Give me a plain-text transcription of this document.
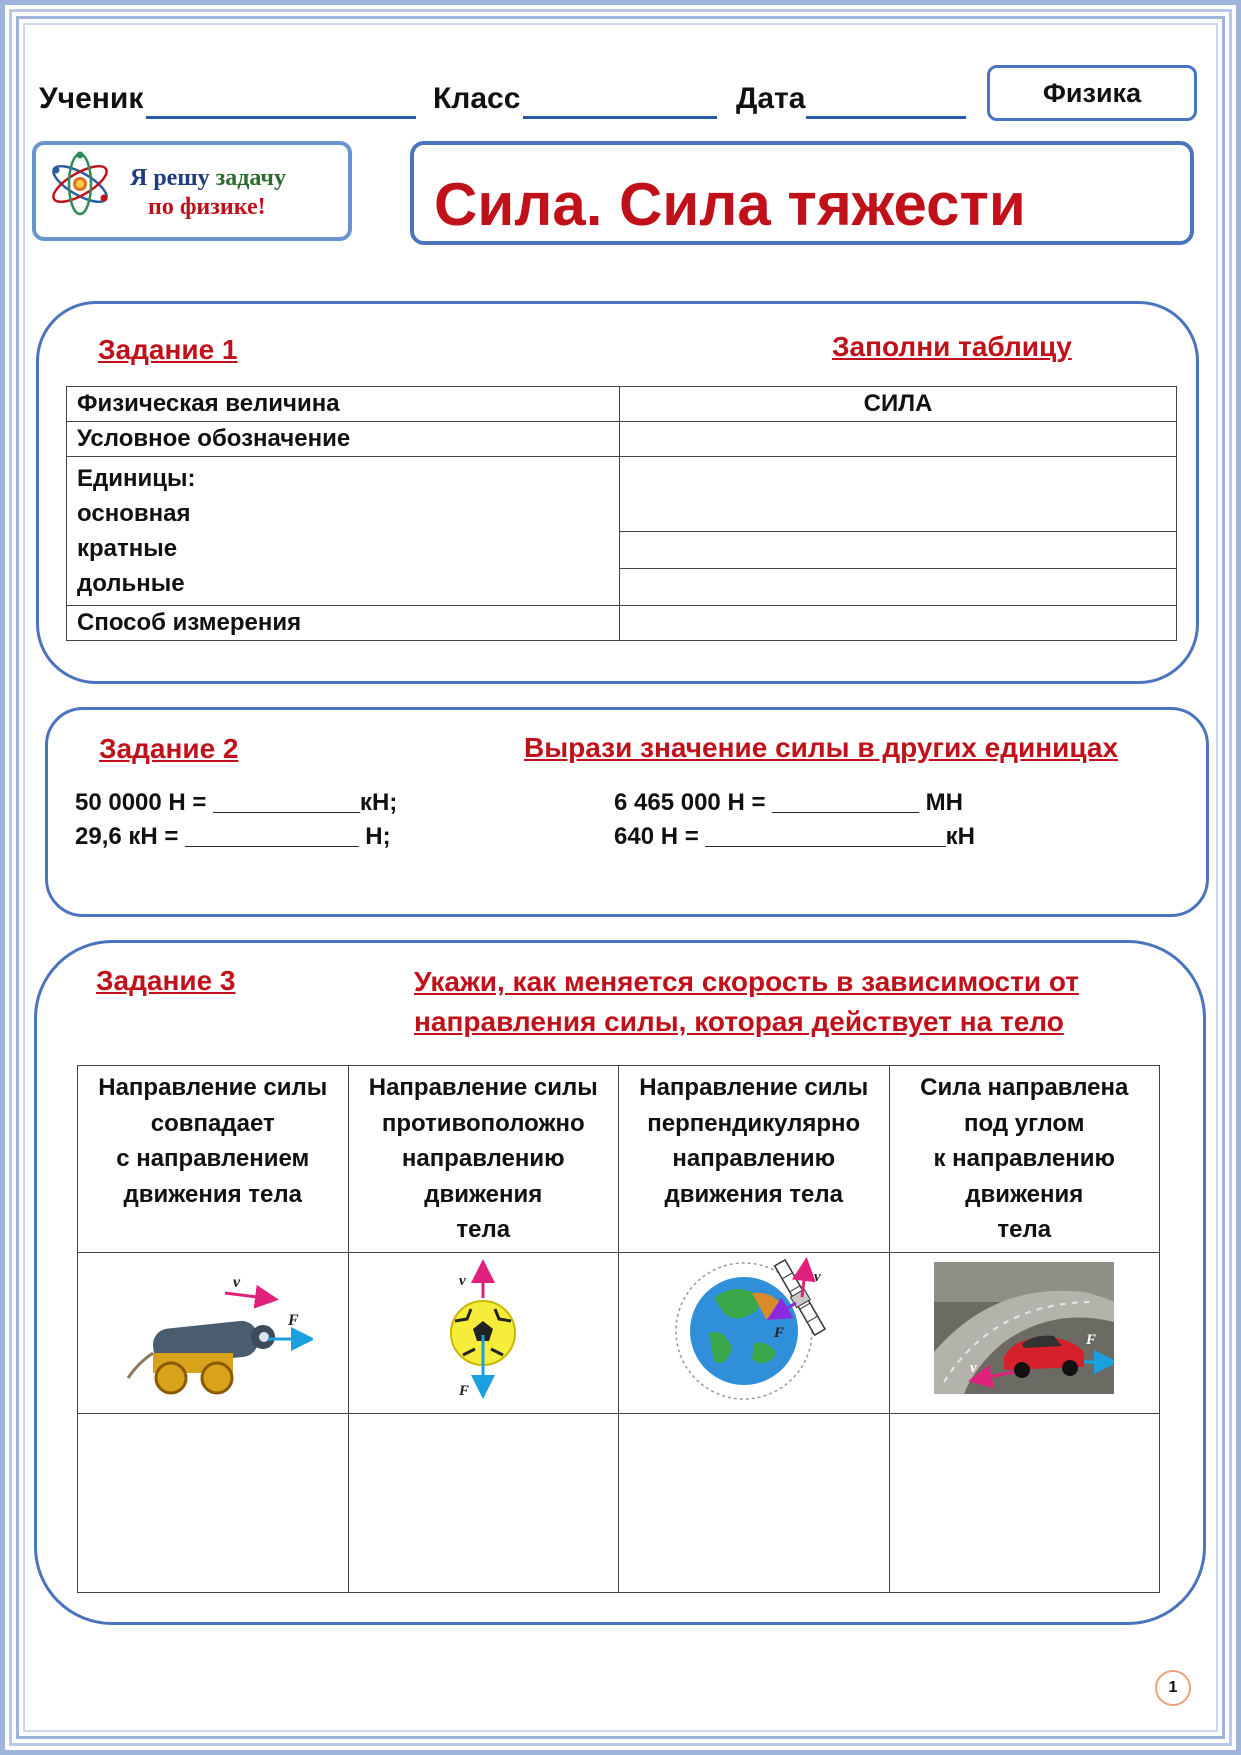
Ученик	Класс	Дата	Физика
Я решу задачу
по физике!	Сила. Сила тяжести
Задание 1	Заполни таблицу
Физическая величина	СИЛА
Условное обозначение	

Единицы:
основная
кратные
дольные	

Способ измерения	
Задание 2	Вырази значение силы в других единицах
50 0000 Н = ___________кН;
29,6 кН = _____________ Н;
6 465 000 Н = ___________ МН
640 Н = __________________кН
Задание 3	Укажи, как меняется скорость в зависимости от
направления силы, которая действует на тело
Направление силы
совпадает
с направлением
движения тела	Направление силы
противоположно
направлению
движения
тела	Направление силы
перпендикулярно
направлению
движения тела	Сила направлена
под углом
к направлению
движения
тела

v
F	v
F	v
F	v
F

1
